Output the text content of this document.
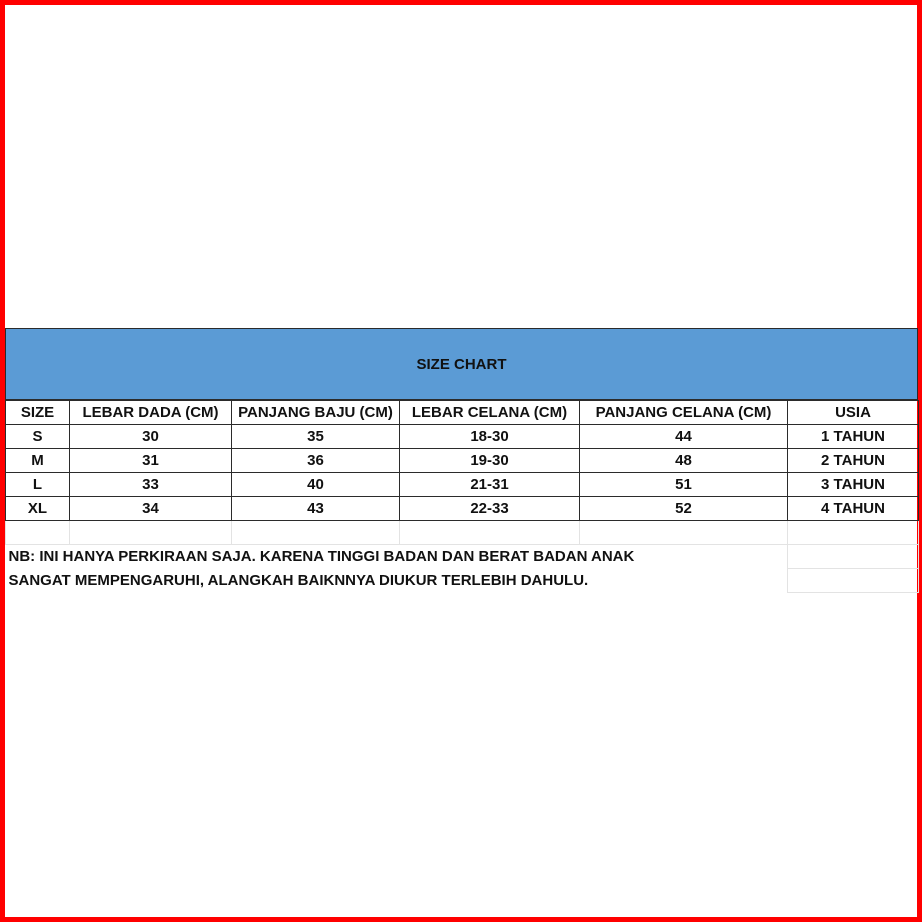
SIZE CHART
SIZE	LEBAR DADA (CM)	PANJANG BAJU (CM)	LEBAR CELANA (CM)	PANJANG CELANA (CM)	USIA
S	30	35	18-30	44	1 TAHUN
M	31	36	19-30	48	2 TAHUN
L	33	40	21-31	51	3 TAHUN
XL	34	43	22-33	52	4 TAHUN

NB: INI HANYA PERKIRAAN SAJA. KARENA TINGGI BADAN DAN BERAT BADAN ANAK					
SANGAT MEMPENGARUHI, ALANGKAH BAIKNNYA DIUKUR TERLEBIH DAHULU.					
